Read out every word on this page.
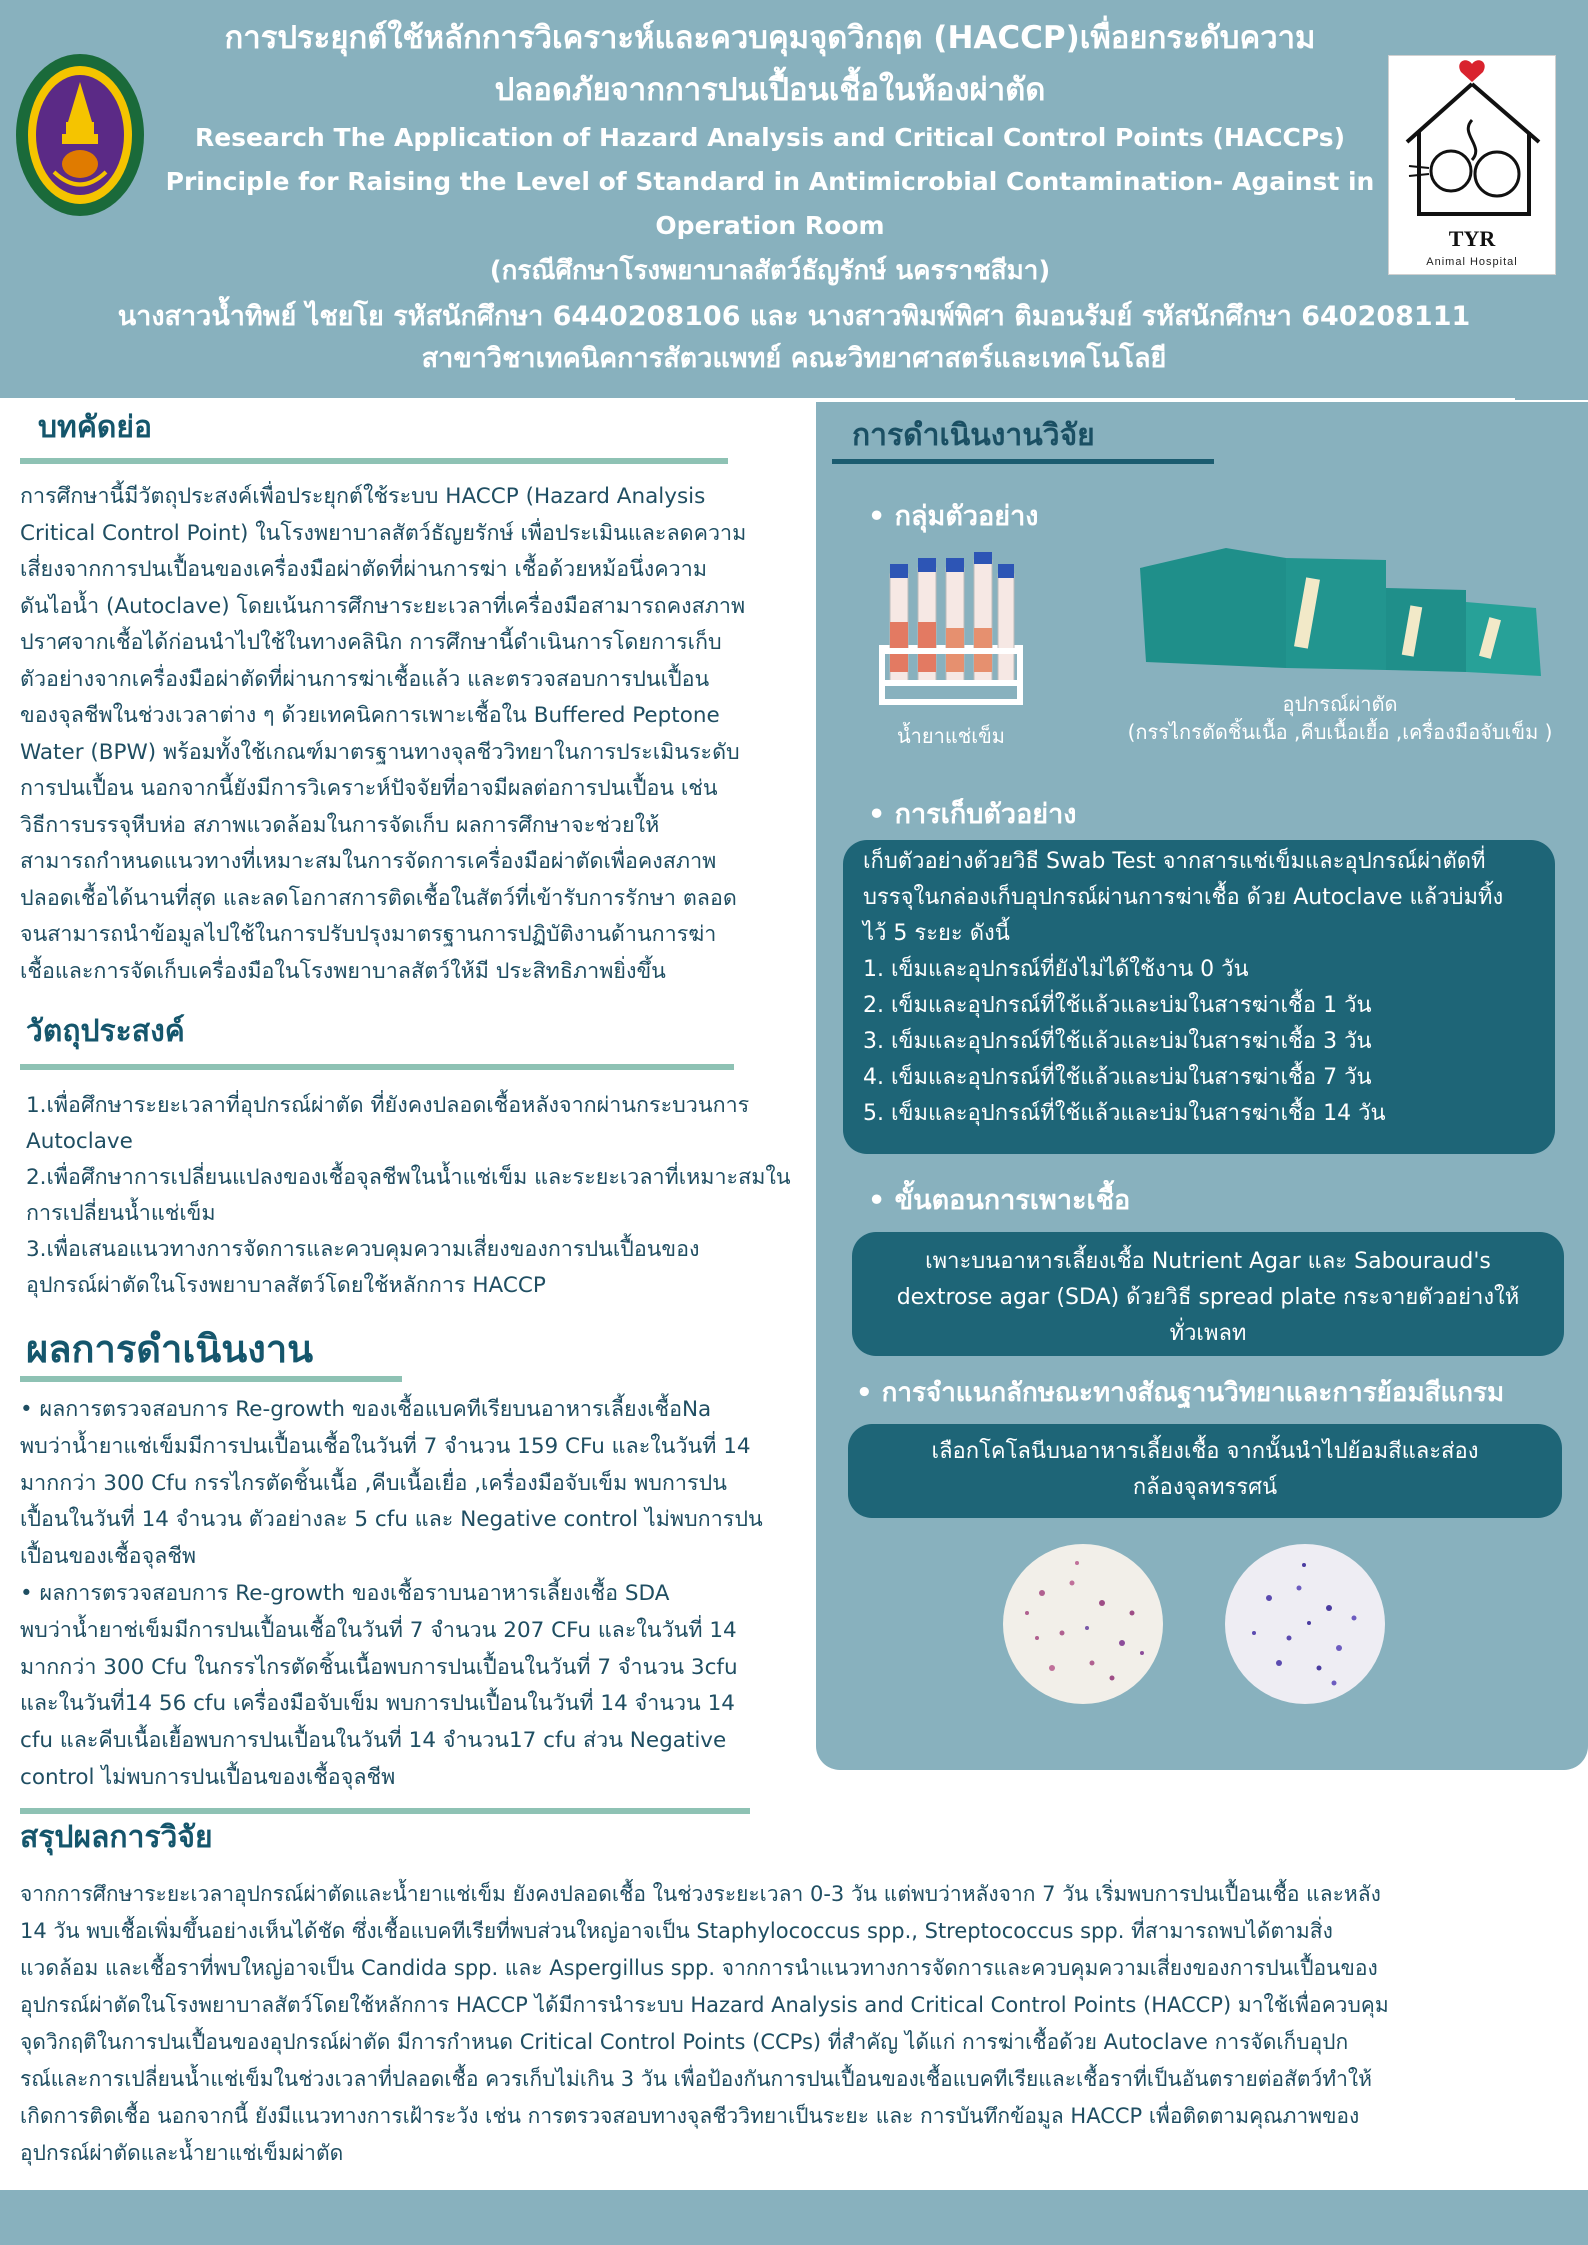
การประยุกต์ใช้หลักการวิเคราะห์และควบคุมจุดวิกฤต (HACCP)เพื่อยกระดับความ
ปลอดภัยจากการปนเปื้อนเชื้อในห้องผ่าตัด
Research The Application of Hazard Analysis and Critical Control Points (HACCPs)
Principle for Raising the Level of Standard in Antimicrobial Contamination- Against in
Operation Room
(กรณีศึกษาโรงพยาบาลสัตว์ธัญรักษ์ นครราชสีมา)
TYR
Animal Hospital
นางสาวน้ำทิพย์ ไชยโย รหัสนักศึกษา 6440208106 และ นางสาวพิมพ์พิศา ติมอนรัมย์ รหัสนักศึกษา 640208111
สาขาวิชาเทคนิคการสัตวแพทย์ คณะวิทยาศาสตร์และเทคโนโลยี
การดำเนินงานวิจัย
• กลุ่มตัวอย่าง
น้ำยาแช่เข็ม
อุปกรณ์ผ่าตัด
(กรรไกรตัดชิ้นเนื้อ ,คีบเนื้อเยื้อ ,เครื่องมือจับเข็ม )
• การเก็บตัวอย่าง
เก็บตัวอย่างด้วยวิธี Swab Test จากสารแช่เข็มและอุปกรณ์ผ่าตัดที่
บรรจุในกล่องเก็บอุปกรณ์ผ่านการฆ่าเชื้อ ด้วย Autoclave แล้วบ่มทิ้ง
ไว้ 5 ระยะ ดังนี้
1. เข็มและอุปกรณ์ที่ยังไม่ได้ใช้งาน 0 วัน
2. เข็มและอุปกรณ์ที่ใช้แล้วและบ่มในสารฆ่าเชื้อ 1 วัน
3. เข็มและอุปกรณ์ที่ใช้แล้วและบ่มในสารฆ่าเชื้อ 3 วัน
4. เข็มและอุปกรณ์ที่ใช้แล้วและบ่มในสารฆ่าเชื้อ 7 วัน
5. เข็มและอุปกรณ์ที่ใช้แล้วและบ่มในสารฆ่าเชื้อ 14 วัน
• ขั้นตอนการเพาะเชื้อ
เพาะบนอาหารเลี้ยงเชื้อ Nutrient Agar และ Sabouraud's
dextrose agar (SDA) ด้วยวิธี spread plate กระจายตัวอย่างให้
ทั่วเพลท
• การจำแนกลักษณะทางสัณฐานวิทยาและการย้อมสีแกรม
เลือกโคโลนีบนอาหารเลี้ยงเชื้อ จากนั้นนำไปย้อมสีและส่อง
กล้องจุลทรรศน์
บทคัดย่อ
การศึกษานี้มีวัตถุประสงค์เพื่อประยุกต์ใช้ระบบ HACCP (Hazard Analysis
Critical Control Point) ในโรงพยาบาลสัตว์ธัญยรักษ์ เพื่อประเมินและลดความ
เสี่ยงจากการปนเปื้อนของเครื่องมือผ่าตัดที่ผ่านการฆ่า เชื้อด้วยหม้อนึ่งความ
ดันไอน้ำ (Autoclave) โดยเน้นการศึกษาระยะเวลาที่เครื่องมือสามารถคงสภาพ
ปราศจากเชื้อได้ก่อนนำไปใช้ในทางคลินิก การศึกษานี้ดำเนินการโดยการเก็บ
ตัวอย่างจากเครื่องมือผ่าตัดที่ผ่านการฆ่าเชื้อแล้ว และตรวจสอบการปนเปื้อน
ของจุลชีพในช่วงเวลาต่าง ๆ ด้วยเทคนิคการเพาะเชื้อใน Buffered Peptone
Water (BPW) พร้อมทั้งใช้เกณฑ์มาตรฐานทางจุลชีววิทยาในการประเมินระดับ
การปนเปื้อน นอกจากนี้ยังมีการวิเคราะห์ปัจจัยที่อาจมีผลต่อการปนเปื้อน เช่น
วิธีการบรรจุหีบห่อ สภาพแวดล้อมในการจัดเก็บ ผลการศึกษาจะช่วยให้
สามารถกำหนดแนวทางที่เหมาะสมในการจัดการเครื่องมือผ่าตัดเพื่อคงสภาพ
ปลอดเชื้อได้นานที่สุด และลดโอกาสการติดเชื้อในสัตว์ที่เข้ารับการรักษา ตลอด
จนสามารถนำข้อมูลไปใช้ในการปรับปรุงมาตรฐานการปฏิบัติงานด้านการฆ่า
เชื้อและการจัดเก็บเครื่องมือในโรงพยาบาลสัตว์ให้มี ประสิทธิภาพยิ่งขึ้น
วัตถุประสงค์
1.เพื่อศึกษาระยะเวลาที่อุปกรณ์ผ่าตัด ที่ยังคงปลอดเชื้อหลังจากผ่านกระบวนการ
Autoclave
2.เพื่อศึกษาการเปลี่ยนแปลงของเชื้อจุลชีพในน้ำแช่เข็ม และระยะเวลาที่เหมาะสมใน
การเปลี่ยนน้ำแช่เข็ม
3.เพื่อเสนอแนวทางการจัดการและควบคุมความเสี่ยงของการปนเปื้อนของ
อุปกรณ์ผ่าตัดในโรงพยาบาลสัตว์โดยใช้หลักการ HACCP
ผลการดำเนินงาน
• ผลการตรวจสอบการ Re-growth ของเชื้อแบคทีเรียบนอาหารเลี้ยงเชื้อNa
พบว่าน้ำยาแช่เข็มมีการปนเปื้อนเชื้อในวันที่ 7 จำนวน 159 CFu และในวันที่ 14
มากกว่า 300 Cfu กรรไกรตัดชิ้นเนื้อ ,คีบเนื้อเยื่อ ,เครื่องมือจับเข็ม พบการปน
เปื้อนในวันที่ 14 จำนวน ตัวอย่างละ 5 cfu และ Negative control ไม่พบการปน
เปื้อนของเชื้อจุลชีพ
• ผลการตรวจสอบการ Re-growth ของเชื้อราบนอาหารเลี้ยงเชื้อ SDA
พบว่าน้ำยาช่เข็มมีการปนเปื้อนเชื้อในวันที่ 7 จำนวน 207 CFu และในวันที่ 14
มากกว่า 300 Cfu ในกรรไกรตัดชิ้นเนื้อพบการปนเปื้อนในวันที่ 7 จำนวน 3cfu
และในวันที่14 56 cfu เครื่องมือจับเข็ม พบการปนเปื้อนในวันที่ 14 จำนวน 14
cfu และคีบเนื้อเยื้อพบการปนเปื้อนในวันที่ 14 จำนวน17 cfu ส่วน Negative
control ไม่พบการปนเปื้อนของเชื้อจุลชีพ
สรุปผลการวิจัย
จากการศึกษาระยะเวลาอุปกรณ์ผ่าตัดและน้ำยาแช่เข็ม ยังคงปลอดเชื้อ ในช่วงระยะเวลา 0-3 วัน แต่พบว่าหลังจาก 7 วัน เริ่มพบการปนเปื้อนเชื้อ และหลัง
14 วัน พบเชื้อเพิ่มขึ้นอย่างเห็นได้ชัด ซึ่งเชื้อแบคทีเรียที่พบส่วนใหญ่อาจเป็น Staphylococcus spp., Streptococcus spp. ที่สามารถพบได้ตามสิ่ง
แวดล้อม และเชื้อราที่พบใหญ่อาจเป็น Candida spp. และ Aspergillus spp. จากการนำแนวทางการจัดการและควบคุมความเสี่ยงของการปนเปื้อนของ
อุปกรณ์ผ่าตัดในโรงพยาบาลสัตว์โดยใช้หลักการ HACCP ได้มีการนำระบบ Hazard Analysis and Critical Control Points (HACCP) มาใช้เพื่อควบคุม
จุดวิกฤติในการปนเปื้อนของอุปกรณ์ผ่าตัด มีการกำหนด Critical Control Points (CCPs) ที่สำคัญ ได้แก่ การฆ่าเชื้อด้วย Autoclave การจัดเก็บอุปก
รณ์และการเปลี่ยนน้ำแช่เข็มในช่วงเวลาที่ปลอดเชื้อ ควรเก็บไม่เกิน 3 วัน เพื่อป้องกันการปนเปื้อนของเชื้อแบคทีเรียและเชื้อราที่เป็นอันตรายต่อสัตว์ทำให้
เกิดการติดเชื้อ นอกจากนี้ ยังมีแนวทางการเฝ้าระวัง เช่น การตรวจสอบทางจุลชีววิทยาเป็นระยะ และ การบันทึกข้อมูล HACCP เพื่อติดตามคุณภาพของ
อุปกรณ์ผ่าตัดและน้ำยาแช่เข็มผ่าตัด
